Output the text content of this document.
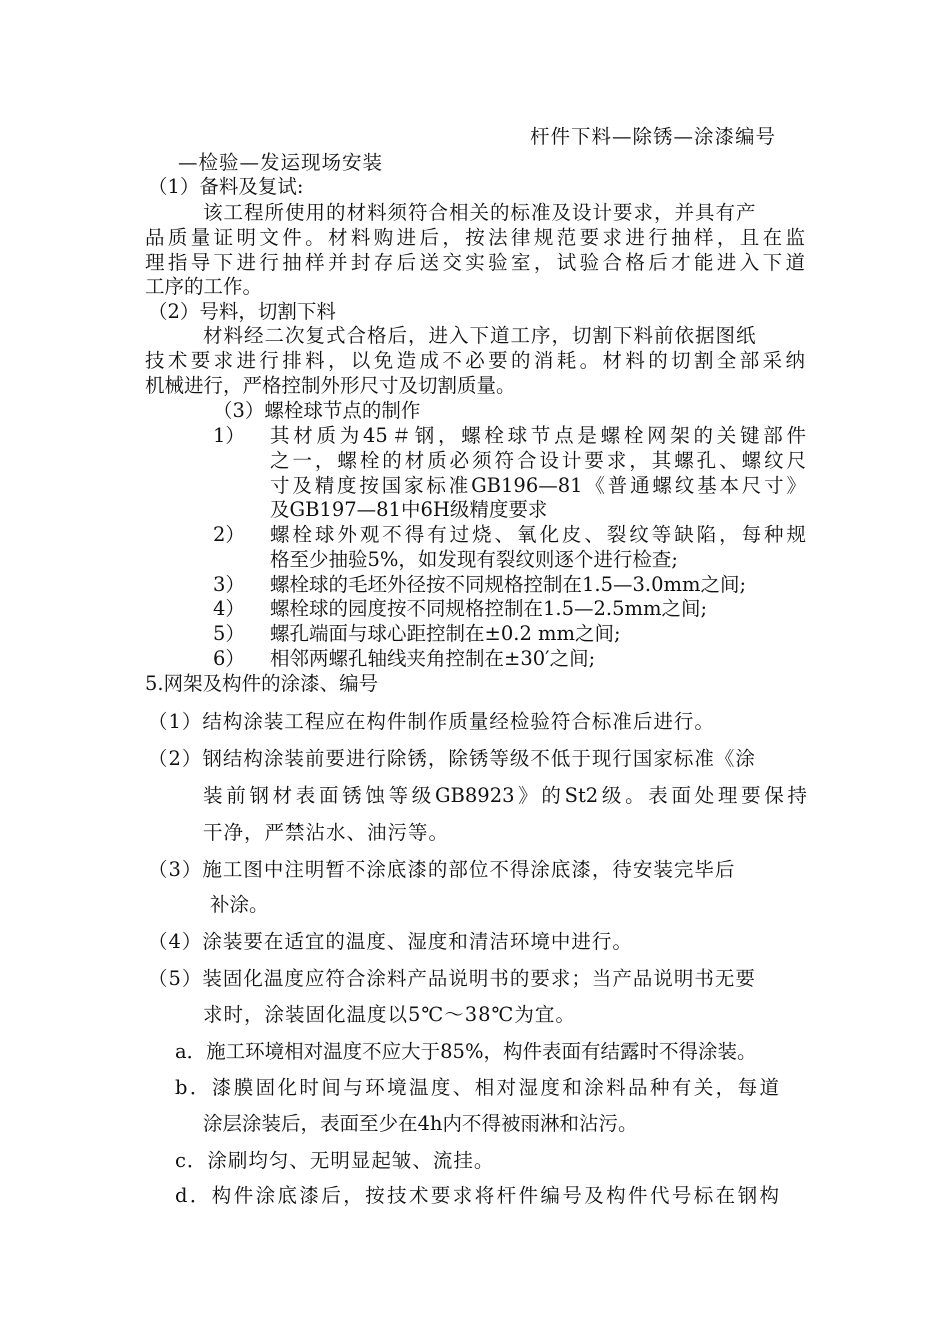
杆件下料—除锈—涂漆编号
—检验—发运现场安装
（1）备料及复试:
该工程所使用的材料须符合相关的标准及设计要求，并具有产
品质量证明文件。材料购进后，按法律规范要求进行抽样，且在监
理指导下进行抽样并封存后送交实验室，试验合格后才能进入下道
工序的工作。
（2）号料，切割下料
材料经二次复式合格后，进入下道工序，切割下料前依据图纸
技术要求进行排料，以免造成不必要的消耗。材料的切割全部采纳
机械进行，严格控制外形尺寸及切割质量。
（3）螺栓球节点的制作
1） 其材质为45＃钢，螺栓球节点是螺栓网架的关键部件
之一，螺栓的材质必须符合设计要求，其螺孔、螺纹尺
寸及精度按国家标准GB196—81《普通螺纹基本尺寸》
及GB197—81中6H级精度要求
2） 螺栓球外观不得有过烧、氧化皮、裂纹等缺陷，每种规
格至少抽验5%，如发现有裂纹则逐个进行检查;
3） 螺栓球的毛坯外径按不同规格控制在1.5—3.0mm之间;
4） 螺栓球的园度按不同规格控制在1.5—2.5mm之间;
5） 螺孔端面与球心距控制在±0.2 mm之间;
6） 相邻两螺孔轴线夹角控制在±30′之间;
5.网架及构件的涂漆、编号
（1）结构涂装工程应在构件制作质量经检验符合标准后进行。
（2）钢结构涂装前要进行除锈，除锈等级不低于现行国家标准《涂
装前钢材表面锈蚀等级GB8923》的St2级。表面处理要保持
干净，严禁沾水、油污等。
（3）施工图中注明暂不涂底漆的部位不得涂底漆，待安装完毕后
补涂。
（4）涂装要在适宜的温度、湿度和清洁环境中进行。
（5）装固化温度应符合涂料产品说明书的要求；当产品说明书无要
求时，涂装固化温度以5℃～38℃为宜。
a．施工环境相对温度不应大于85%，构件表面有结露时不得涂装。
b．漆膜固化时间与环境温度、相对湿度和涂料品种有关，每道
涂层涂装后，表面至少在4h内不得被雨淋和沾污。
c．涂刷均匀、无明显起皱、流挂。
d．构件涂底漆后，按技术要求将杆件编号及构件代号标在钢构
